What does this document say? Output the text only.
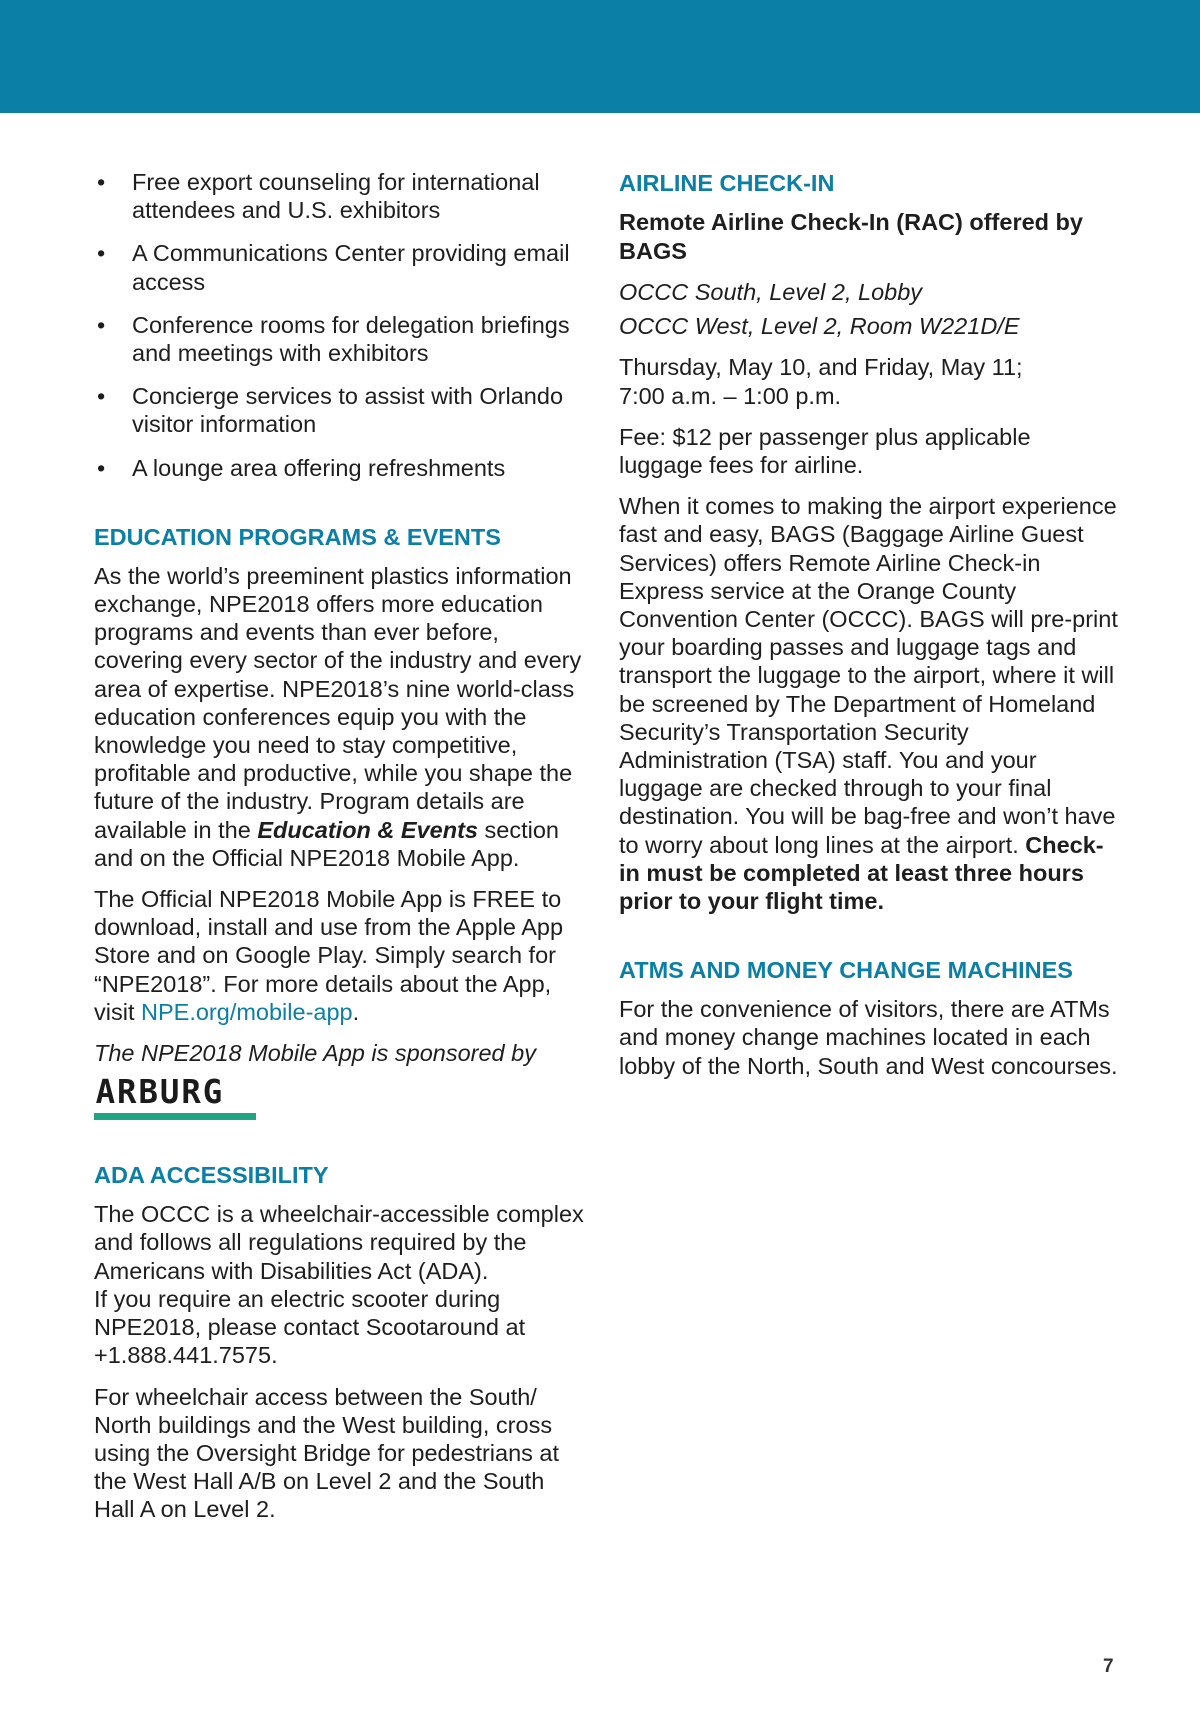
• Free export counseling for international attendees and U.S. exhibitors
• A Communications Center providing email access
• Conference rooms for delegation briefings and meetings with exhibitors
• Concierge services to assist with Orlando visitor information
• A lounge area offering refreshments
EDUCATION PROGRAMS & EVENTS

As the world’s preeminent plastics information exchange, NPE2018 offers more education programs and events than ever before, covering every sector of the industry and every area of expertise. NPE2018’s nine world-class education conferences equip you with the knowledge you need to stay competitive, profitable and productive, while you shape the future of the industry. Program details are available in the Education & Events section and on the Official NPE2018 Mobile App.

The Official NPE2018 Mobile App is FREE to download, install and use from the Apple App Store and on Google Play. Simply search for “NPE2018”. For more details about the App, visit NPE.org/mobile-app.

The NPE2018 Mobile App is sponsored by

ARBURG
ADA ACCESSIBILITY

The OCCC is a wheelchair-accessible complex and follows all regulations required by the Americans with Disabilities Act (ADA).
If you require an electric scooter during NPE2018, please contact Scootaround at +1.888.441.7575.

For wheelchair access between the South/ North buildings and the West building, cross using the Oversight Bridge for pedestrians at the West Hall A/B on Level 2 and the South Hall A on Level 2.

AIRLINE CHECK-IN
Remote Airline Check-In (RAC) offered by BAGS

OCCC South, Level 2, Lobby

OCCC West, Level 2, Room W221D/E

Thursday, May 10, and Friday, May 11;
7:00 a.m. – 1:00 p.m.

Fee: $12 per passenger plus applicable luggage fees for airline.

When it comes to making the airport experience fast and easy, BAGS (Baggage Airline Guest Services) offers Remote Airline Check-in Express service at the Orange County Convention Center (OCCC). BAGS will pre-print your boarding passes and luggage tags and transport the luggage to the airport, where it will be screened by The Department of Homeland Security’s Transportation Security Administration (TSA) staff. You and your luggage are checked through to your final destination. You will be bag-free and won’t have to worry about long lines at the airport. Check-in must be completed at least three hours prior to your flight time.

ATMS AND MONEY CHANGE MACHINES

For the convenience of visitors, there are ATMs and money change machines located in each lobby of the North, South and West concourses.

7
